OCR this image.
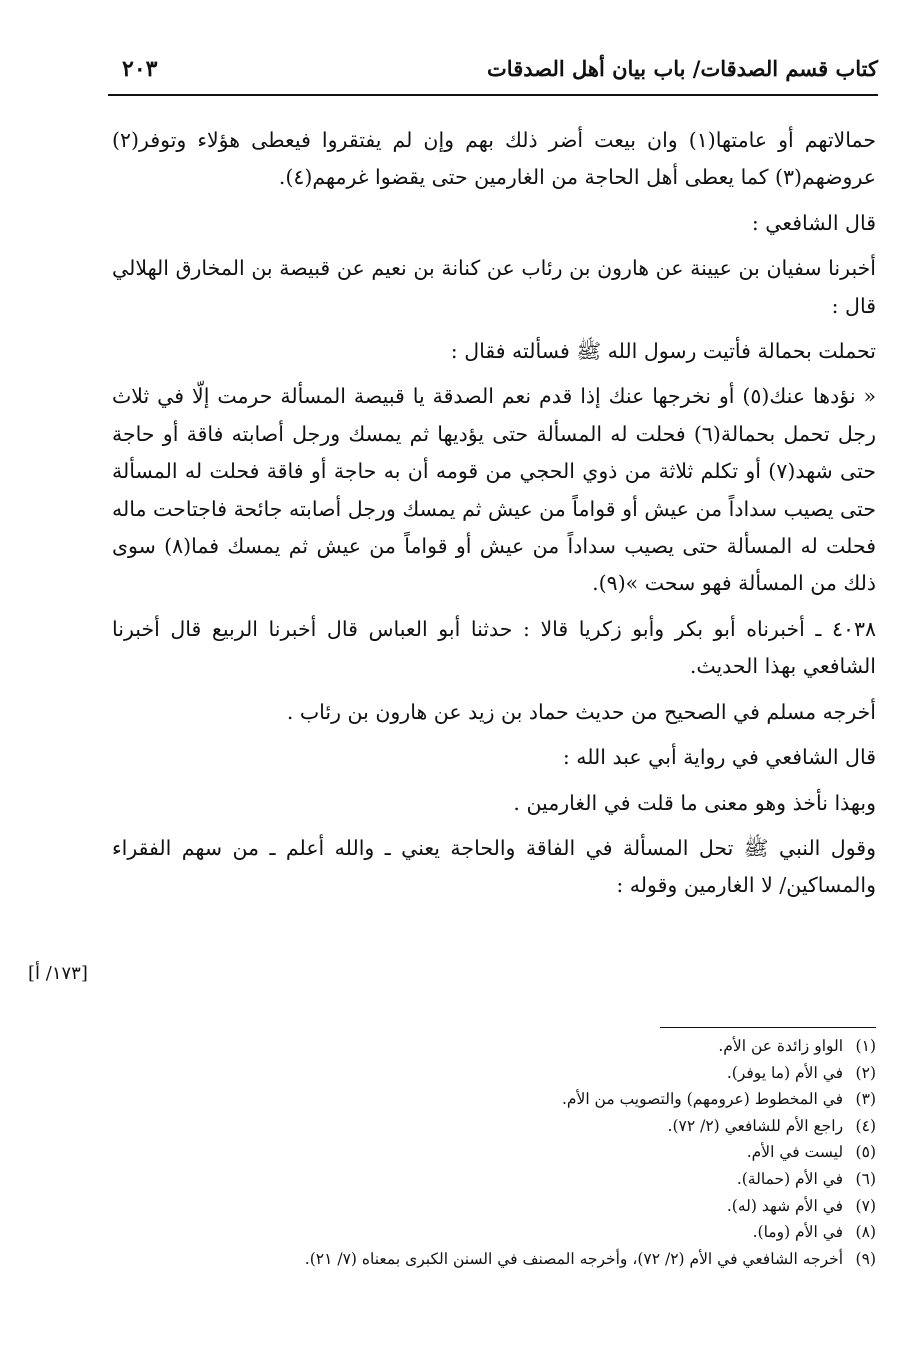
كتاب قسم الصدقات/ باب بيان أهل الصدقات
٢٠٣

حمالاتهم أو عامتها(١) وان بيعت أضر ذلك بهم وإن لم يفتقروا فيعطى هؤلاء وتوفر(٢) عروضهم(٣) كما يعطى أهل الحاجة من الغارمين حتى يقضوا غرمهم(٤).

قال الشافعي :

أخبرنا سفيان بن عيينة عن هارون بن رئاب عن كنانة بن نعيم عن قبيصة بن المخارق الهلالي قال :

تحملت بحمالة فأتيت رسول الله ﷺ فسألته فقال :

« نؤدها عنك(٥) أو نخرجها عنك إذا قدم نعم الصدقة يا قبيصة المسألة حرمت إلّا في ثلاث رجل تحمل بحمالة(٦) فحلت له المسألة حتى يؤديها ثم يمسك ورجل أصابته فاقة أو حاجة حتى شهد(٧) أو تكلم ثلاثة من ذوي الحجي من قومه أن به حاجة أو فاقة فحلت له المسألة حتى يصيب سداداً من عيش أو قواماً من عيش ثم يمسك ورجل أصابته جائحة فاجتاحت ماله فحلت له المسألة حتى يصيب سداداً من عيش أو قواماً من عيش ثم يمسك فما(٨) سوى ذلك من المسألة فهو سحت »(٩).

٤٠٣٨ ـ أخبرناه أبو بكر وأبو زكريا قالا : حدثنا أبو العباس قال أخبرنا الربيع قال أخبرنا الشافعي بهذا الحديث.

أخرجه مسلم في الصحيح من حديث حماد بن زيد عن هارون بن رئاب .

قال الشافعي في رواية أبي عبد الله :

وبهذا نأخذ وهو معنى ما قلت في الغارمين .

وقول النبي ﷺ تحل المسألة في الفاقة والحاجة يعني ـ والله أعلم ـ من سهم الفقراء والمساكين/ لا الغارمين وقوله :

[١٧٣/ أ]
(١) الواو زائدة عن الأم.
(٢) في الأم (ما يوفر).
(٣) في المخطوط (عرومهم) والتصويب من الأم.
(٤) راجع الأم للشافعي (٢/ ٧٢).
(٥) ليست في الأم.
(٦) في الأم (حمالة).
(٧) في الأم شهد (له).
(٨) في الأم (وما).
(٩) أخرجه الشافعي في الأم (٢/ ٧٢)، وأخرجه المصنف في السنن الكبرى بمعناه (٧/ ٢١).
